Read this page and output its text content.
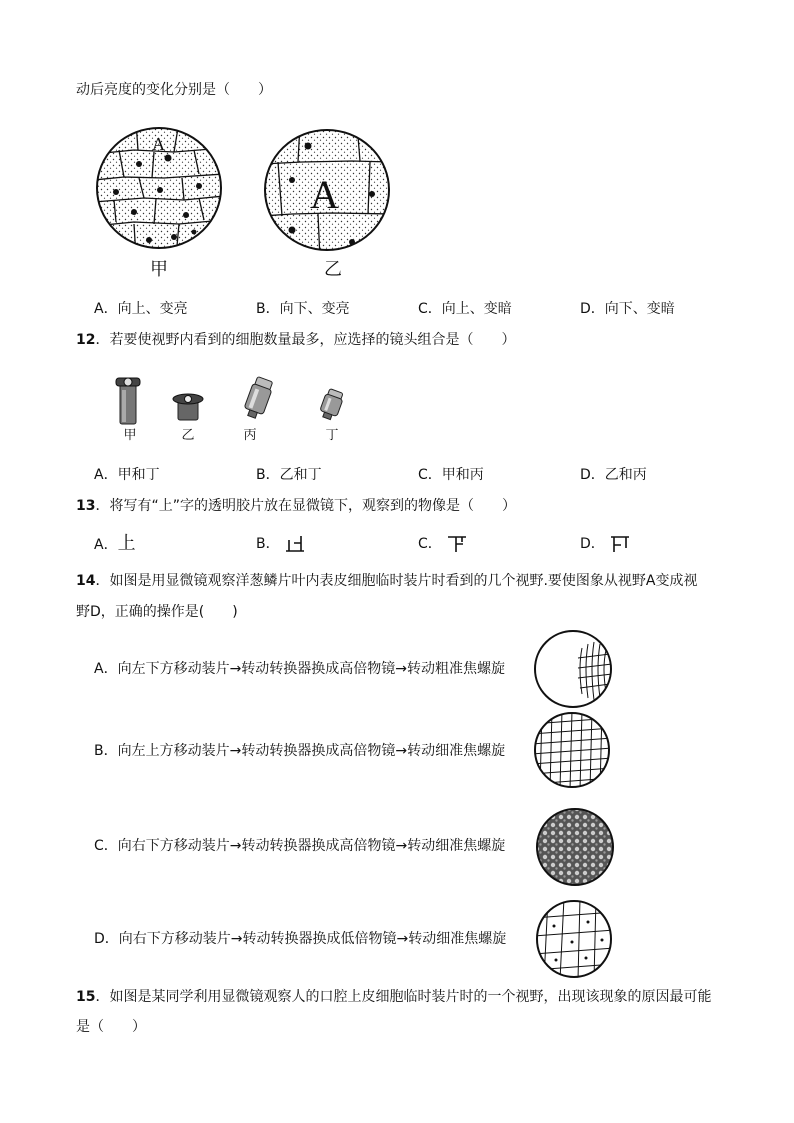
动后亮度的变化分别是（　　）
A
甲
A
乙
A．向上、变亮	B．向下、变亮	C．向上、变暗	D．向下、变暗
12．若要使视野内看到的细胞数量最多，应选择的镜头组合是（　　）
甲	乙	丙	丁
A．甲和丁	B．乙和丁	C．甲和丙	D．乙和丙
13．将写有“上”字的透明胶片放在显微镜下，观察到的物像是（　　）
A．上	B．	C．	D．
14．如图是用显微镜观察洋葱鳞片叶内表皮细胞临时装片时看到的几个视野.要使图象从视野A变成视
野D，正确的操作是(　　)
A．向左下方移动装片→转动转换器换成高倍物镜→转动粗准焦螺旋
B．向左上方移动装片→转动转换器换成高倍物镜→转动细准焦螺旋
C．向右下方移动装片→转动转换器换成高倍物镜→转动细准焦螺旋
D．向右下方移动装片→转动转换器换成低倍物镜→转动细准焦螺旋
15．如图是某同学利用显微镜观察人的口腔上皮细胞临时装片时的一个视野，出现该现象的原因最可能
是（　　）
